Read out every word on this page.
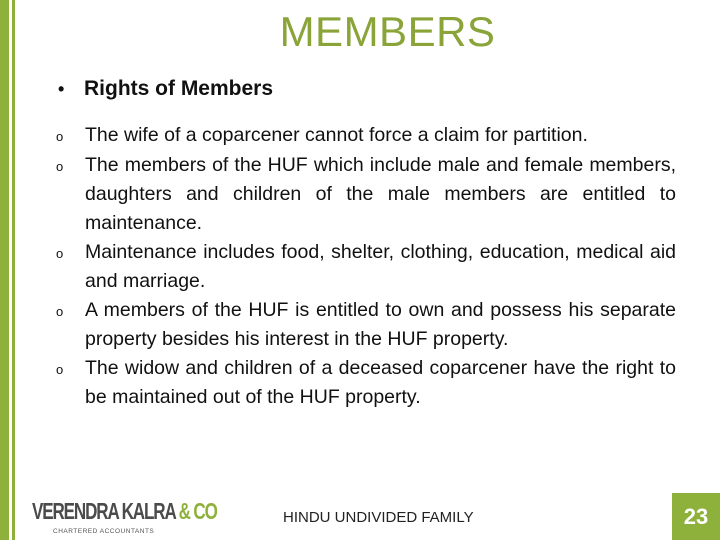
MEMBERS
• Rights of Members
o	The wife of a coparcener cannot force a claim for partition.
o	The members of the HUF which include male and female members, daughters and children of the male members are entitled to maintenance.
o	Maintenance includes food, shelter, clothing, education, medical aid and marriage.
o	A members of the HUF is entitled to own and possess his separate property besides his interest in the HUF property.
o	The widow and children of a deceased coparcener have the right to be maintained out of the HUF property.
VERENDRA KALRA & CO
CHARTERED ACCOUNTANTS
HINDU UNDIVIDED FAMILY	23
